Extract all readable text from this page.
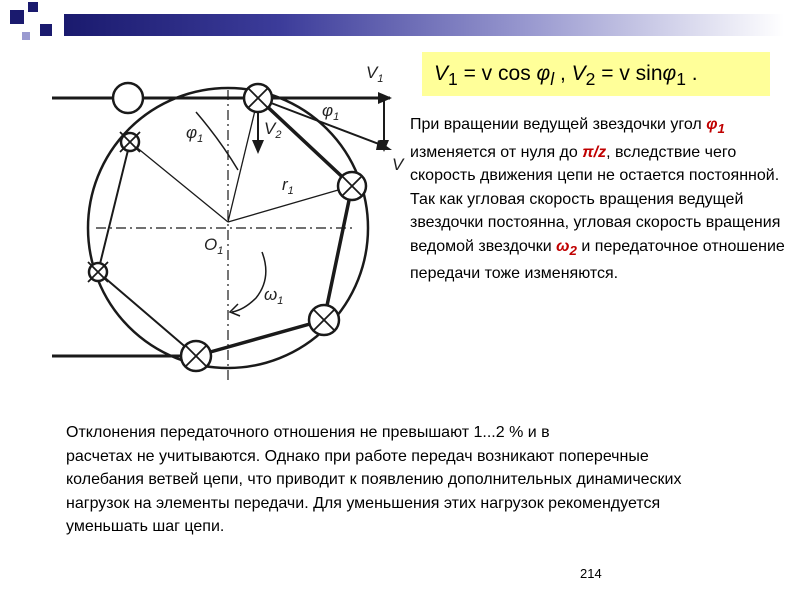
$V_1$
$V_2$
V
$\varphi_1$
$\varphi_1$
$r_1$
$O_1$
$\omega_1$
$V_1 = v$ $\cos \varphi_l$ , $V_2 = v$ sinφ$_1$ .
При вращении ведущей звездочки угол $\varphi_1$ изменяется от нуля до π/z, вследствие чего скорость движения цепи не остается постоянной. Так как угловая скорость вращения ведущей звездочки постоянна, угловая скорость вращения ведомой звездочки $\omega_2$ и передаточное отношение передачи тоже изменяются.
Отклонения передаточного отношения не превышают 1...2 % и в
расчетах не учитываются. Однако при работе передач возникают поперечные колебания ветвей цепи, что приводит к появлению дополнительных динамических нагрузок на элементы передачи. Для уменьшения этих нагрузок рекомендуется уменьшать шаг цепи.
214
